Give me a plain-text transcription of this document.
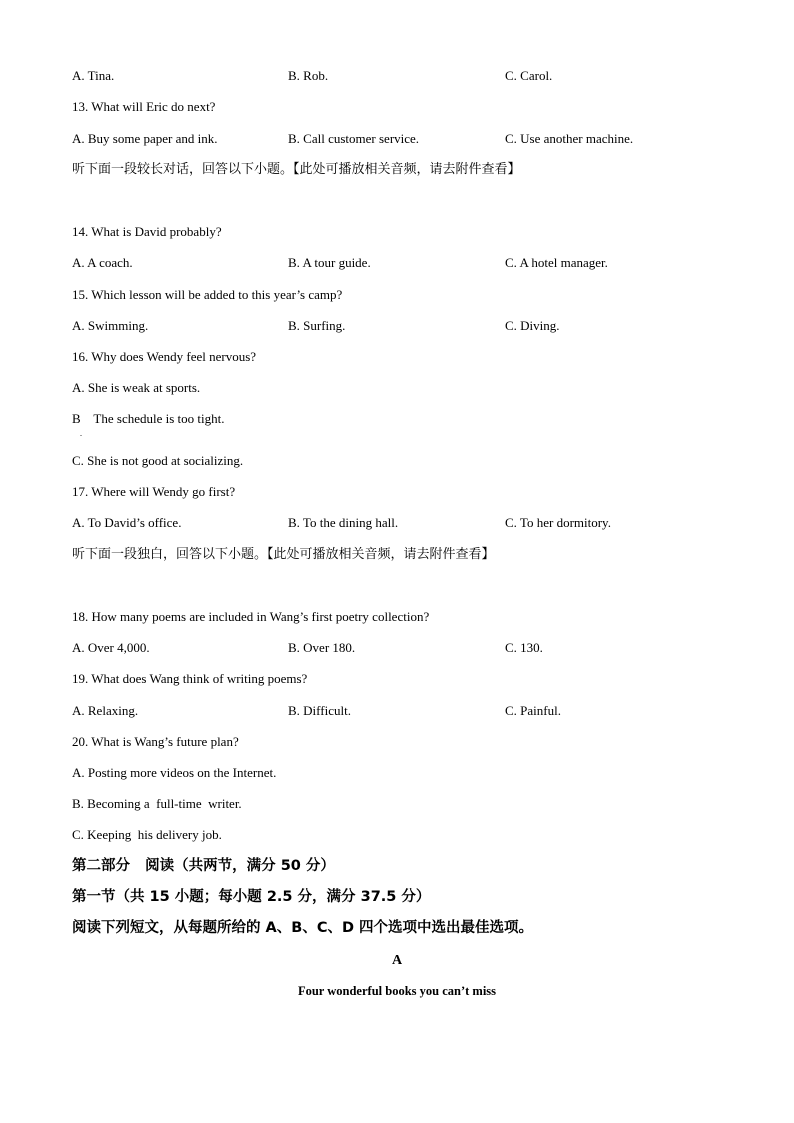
A. Tina.	B. Rob.	C. Carol.
13. What will Eric do next?
A. Buy some paper and ink.	B. Call customer service.	C. Use another machine.
听下面一段较长对话，回答以下小题。【此处可播放相关音频，请去附件查看】
14. What is David probably?
A. A coach.	B. A tour guide.	C. A hotel manager.
15. Which lesson will be added to this year’s camp?
A. Swimming.	B. Surfing.	C. Diving.
16. Why does Wendy feel nervous?
A. She is weak at sports.
B    The schedule is too tight.
.
C. She is not good at socializing.
17. Where will Wendy go first?
A. To David’s office.	B. To the dining hall.	C. To her dormitory.
听下面一段独白，回答以下小题。【此处可播放相关音频，请去附件查看】
18. How many poems are included in Wang’s first poetry collection?
A. Over 4,000.	B. Over 180.	C. 130.
19. What does Wang think of writing poems?
A. Relaxing.	B. Difficult.	C. Painful.
20. What is Wang’s future plan?
A. Posting more videos on the Internet.
B. Becoming a  full-time  writer.
C. Keeping  his delivery job.
第二部分   阅读（共两节，满分 50 分）
第一节（共 15 小题；每小题 2.5 分，满分 37.5 分）
阅读下列短文，从每题所给的 A、B、C、D 四个选项中选出最佳选项。
A
Four wonderful books you can’t miss
